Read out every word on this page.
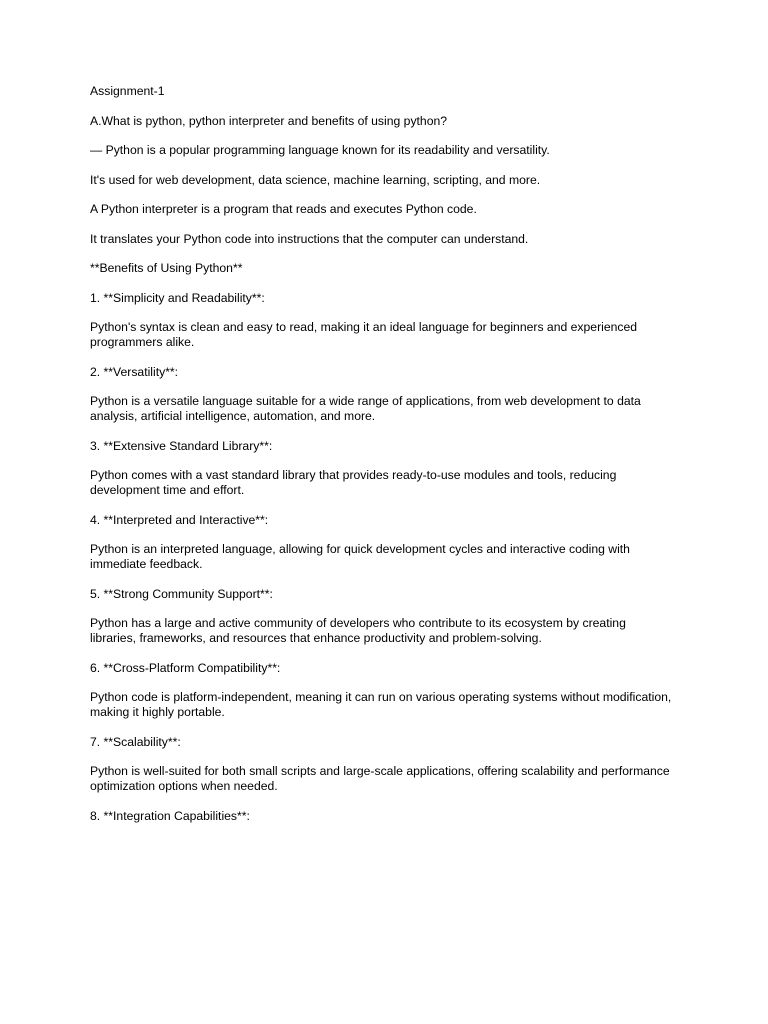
Assignment-1

A.What is python, python interpreter and benefits of using python?

— Python is a popular programming language known for its readability and versatility.

It's used for web development, data science, machine learning, scripting, and more.

A Python interpreter is a program that reads and executes Python code.

It translates your Python code into instructions that the computer can understand.

**Benefits of Using Python**

1. **Simplicity and Readability**:

Python's syntax is clean and easy to read, making it an ideal language for beginners and experienced programmers alike.

2. **Versatility**:

Python is a versatile language suitable for a wide range of applications, from web development to data analysis, artificial intelligence, automation, and more.

3. **Extensive Standard Library**:

Python comes with a vast standard library that provides ready-to-use modules and tools, reducing development time and effort.

4. **Interpreted and Interactive**:

Python is an interpreted language, allowing for quick development cycles and interactive coding with immediate feedback.

5. **Strong Community Support**:

Python has a large and active community of developers who contribute to its ecosystem by creating libraries, frameworks, and resources that enhance productivity and problem-solving.

6. **Cross-Platform Compatibility**:

Python code is platform-independent, meaning it can run on various operating systems without modification, making it highly portable.

7. **Scalability**:

Python is well-suited for both small scripts and large-scale applications, offering scalability and performance optimization options when needed.

8. **Integration Capabilities**:
